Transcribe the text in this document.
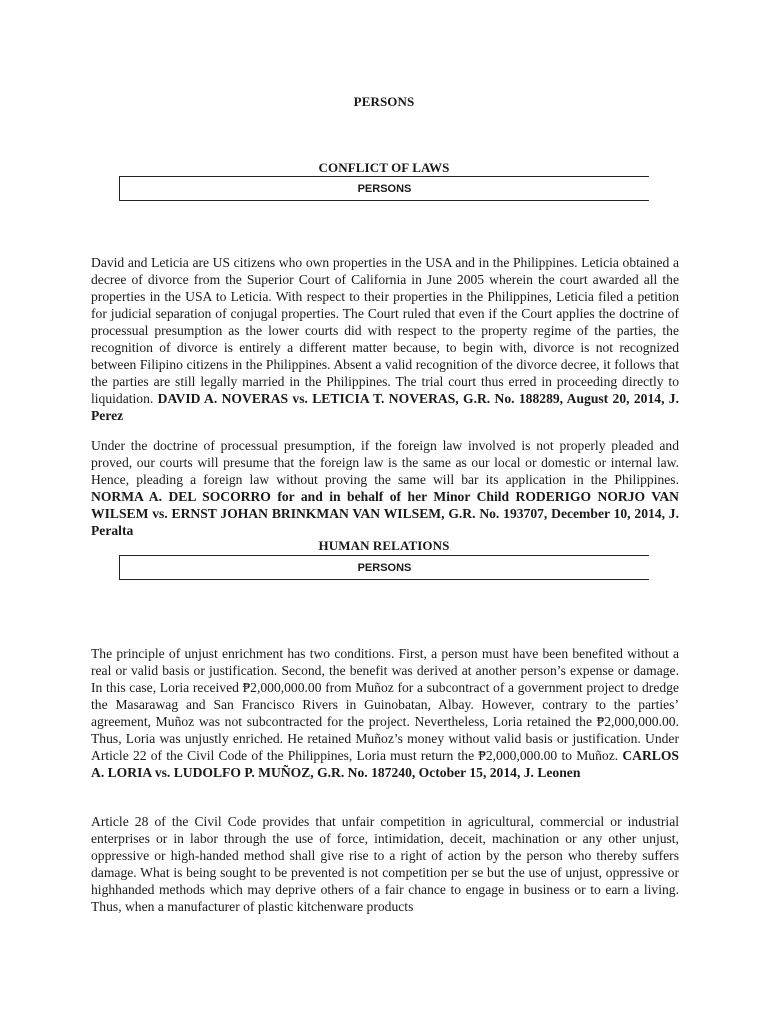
PERSONS
CONFLICT OF LAWS
PERSONS
David and Leticia are US citizens who own properties in the USA and in the Philippines. Leticia obtained a decree of divorce from the Superior Court of California in June 2005 wherein the court awarded all the properties in the USA to Leticia. With respect to their properties in the Philippines, Leticia filed a petition for judicial separation of conjugal properties. The Court ruled that even if the Court applies the doctrine of processual presumption as the lower courts did with respect to the property regime of the parties, the recognition of divorce is entirely a different matter because, to begin with, divorce is not recognized between Filipino citizens in the Philippines. Absent a valid recognition of the divorce decree, it follows that the parties are still legally married in the Philippines. The trial court thus erred in proceeding directly to liquidation. DAVID A. NOVERAS vs. LETICIA T. NOVERAS, G.R. No. 188289, August 20, 2014, J. Perez
Under the doctrine of processual presumption, if the foreign law involved is not properly pleaded and proved, our courts will presume that the foreign law is the same as our local or domestic or internal law. Hence, pleading a foreign law without proving the same will bar its application in the Philippines. NORMA A. DEL SOCORRO for and in behalf of her Minor Child RODERIGO NORJO VAN WILSEM vs. ERNST JOHAN BRINKMAN VAN WILSEM, G.R. No. 193707, December 10, 2014, J. Peralta
HUMAN RELATIONS
PERSONS
The principle of unjust enrichment has two conditions. First, a person must have been benefited without a real or valid basis or justification. Second, the benefit was derived at another person’s expense or damage. In this case, Loria received ₱2,000,000.00 from Muñoz for a subcontract of a government project to dredge the Masarawag and San Francisco Rivers in Guinobatan, Albay. However, contrary to the parties’ agreement, Muñoz was not subcontracted for the project. Nevertheless, Loria retained the ₱2,000,000.00. Thus, Loria was unjustly enriched. He retained Muñoz’s money without valid basis or justification. Under Article 22 of the Civil Code of the Philippines, Loria must return the ₱2,000,000.00 to Muñoz. CARLOS A. LORIA vs. LUDOLFO P. MUÑOZ, G.R. No. 187240, October 15, 2014, J. Leonen
Article 28 of the Civil Code provides that unfair competition in agricultural, commercial or industrial enterprises or in labor through the use of force, intimidation, deceit, machination or any other unjust, oppressive or high-handed method shall give rise to a right of action by the person who thereby suffers damage. What is being sought to be prevented is not competition per se but the use of unjust, oppressive or highhanded methods which may deprive others of a fair chance to engage in business or to earn a living. Thus, when a manufacturer of plastic kitchenware products
